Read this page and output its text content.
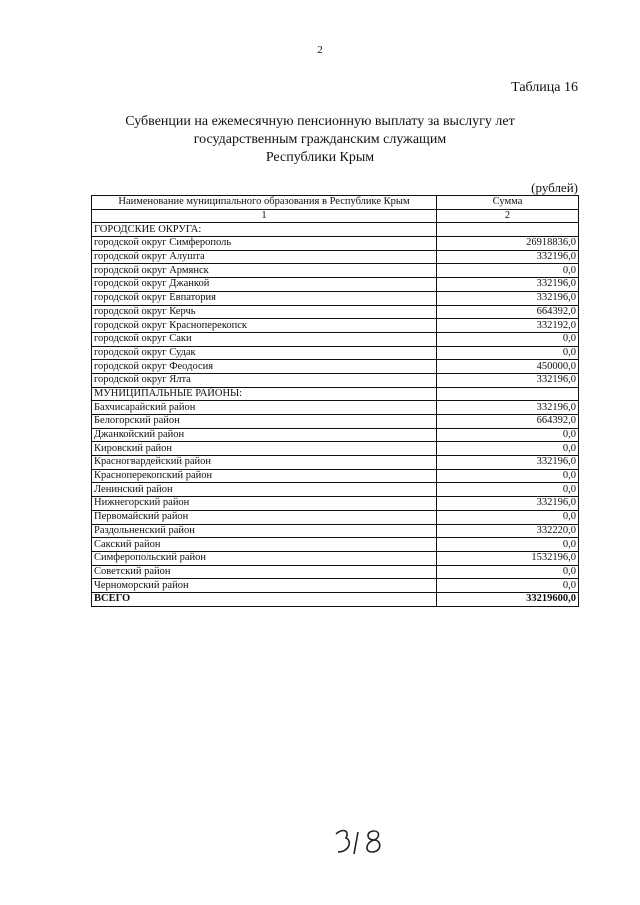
2
Таблица 16
Субвенции на ежемесячную пенсионную выплату за выслугу лет
государственным гражданским служащим
Республики Крым
(рублей)
Наименование муниципального образования в Республике Крым	Сумма
1	2
ГОРОДСКИЕ ОКРУГА:	
городской округ Симферополь	26918836,0
городской округ Алушта	332196,0
городской округ Армянск	0,0
городской округ Джанкой	332196,0
городской округ Евпатория	332196,0
городской округ Керчь	664392,0
городской округ Красноперекопск	332192,0
городской округ Саки	0,0
городской округ Судак	0,0
городской округ Феодосия	450000,0
городской округ Ялта	332196,0
МУНИЦИПАЛЬНЫЕ РАЙОНЫ:	
Бахчисарайский район	332196,0
Белогорский район	664392,0
Джанкойский район	0,0
Кировский район	0,0
Красногвардейский район	332196,0
Красноперекопский район	0,0
Ленинский район	0,0
Нижнегорский район	332196,0
Первомайский район	0,0
Раздольненский район	332220,0
Сакский район	0,0
Симферопольский район	1532196,0
Советский район	0,0
Черноморский район	0,0
ВСЕГО	33219600,0
